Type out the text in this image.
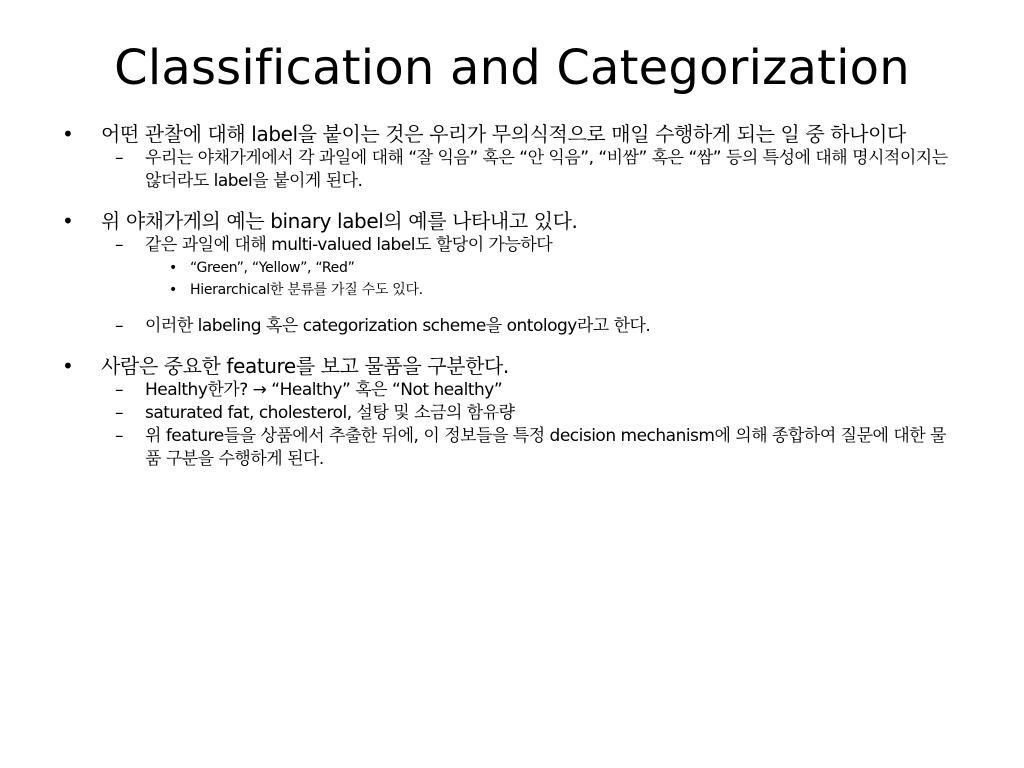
Classification and Categorization
• 어떤 관찰에 대해 label을 붙이는 것은 우리가 무의식적으로 매일 수행하게 되는 일 중 하나이다
– 우리는 야채가게에서 각 과일에 대해 “잘 익음” 혹은 “안 익음”, “비쌈” 혹은 “쌈” 등의 특성에 대해 명시적이지는 않더라도 label을 붙이게 된다.
• 위 야채가게의 예는 binary label의 예를 나타내고 있다.
– 같은 과일에 대해 multi-valued label도 할당이 가능하다
• “Green”, “Yellow”, “Red”
• Hierarchical한 분류를 가질 수도 있다.
– 이러한 labeling 혹은 categorization scheme을 ontology라고 한다.
• 사람은 중요한 feature를 보고 물품을 구분한다.
– Healthy한가? → “Healthy” 혹은 “Not healthy”
– saturated fat, cholesterol, 설탕 및 소금의 함유량
– 위 feature들을 상품에서 추출한 뒤에, 이 정보들을 특정 decision mechanism에 의해 종합하여 질문에 대한 물품 구분을 수행하게 된다.
